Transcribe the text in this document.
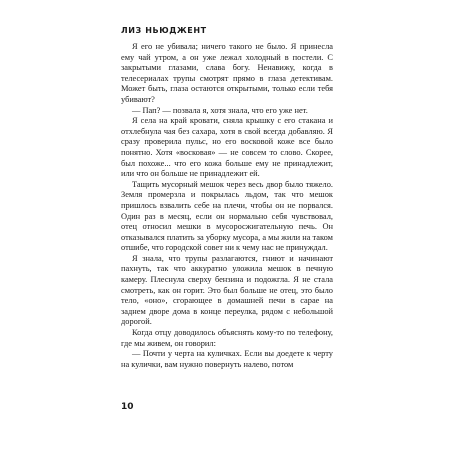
ЛИЗ НЬЮДЖЕНТ

Я его не убивала; ничего такого не было. Я принесла ему чай утром, а он уже лежал холодный в постели. С закрытыми глазами, слава богу. Ненавижу, когда в телесериалах трупы смотрят прямо в глаза детективам. Может быть, глаза остаются открытыми, только если тебя убивают?

— Пап? — позвала я, хотя знала, что его уже нет.

Я села на край кровати, сняла крышку с его стакана и отхлебнула чая без сахара, хотя в свой всегда добавляю. Я сразу проверила пульс, но его восковой коже все было понятно. Хотя «восковая» — не совсем то слово. Скорее, был похоже... что его кожа больше ему не принадлежит, или что он больше не принадлежит ей.

Тащить мусорный мешок через весь двор было тяжело. Земля промерзла и покрылась льдом, так что мешок пришлось взвалить себе на плечи, чтобы он не порвался. Один раз в месяц, если он нормально себя чувствовал, отец относил мешки в мусоросжигательную печь. Он отказывался платить за уборку мусора, а мы жили на таком отшибе, что городской совет ни к чему нас не принуждал.

Я знала, что трупы разлагаются, гниют и начинают пахнуть, так что аккуратно уложила мешок в печную камеру. Плеснула сверху бензина и подожгла. Я не стала смотреть, как он горит. Это был больше не отец, это было тело, «оно», сгорающее в домашней печи в сарае на заднем дворе дома в конце переулка, рядом с небольшой дорогой.

Когда отцу доводилось объяснять кому-то по телефону, где мы живем, он говорил:

— Почти у черта на куличках. Если вы доедете к черту на кулички, вам нужно повернуть налево, потом

10
